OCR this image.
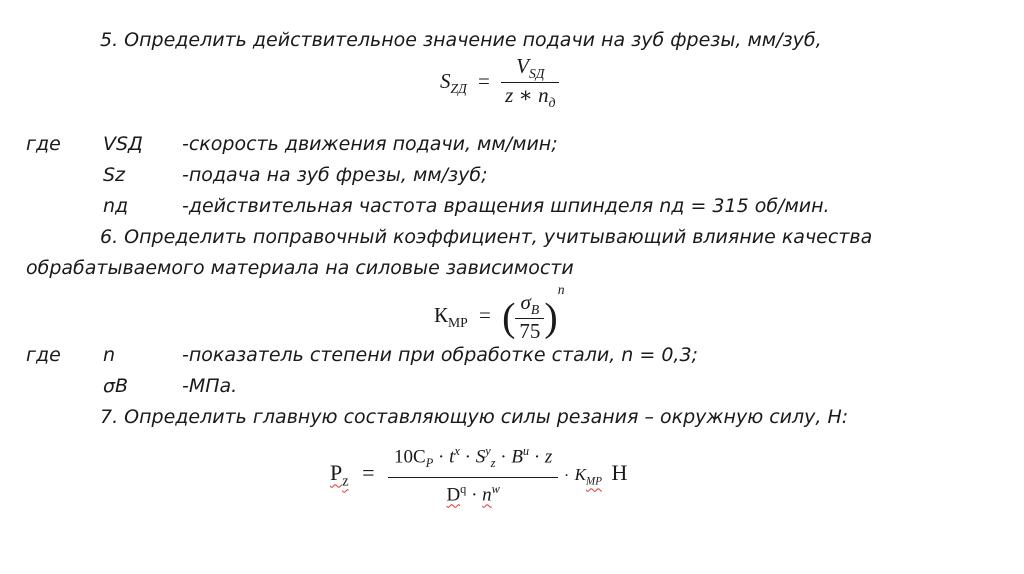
5. Определить действительное значение подачи на зуб фрезы, мм/зуб,
$S_{ZД} = \frac{V_{SД}}{z ∗ n_д}$
где VSД -скорость движения подачи, мм/мин;
Sz	-подача на зуб фрезы, мм/зуб;
nд	-действительная частота вращения шпинделя nд = 315 об/мин.
6. Определить поправочный коэффициент, учитывающий влияние качества
обрабатываемого материала на силовые зависимости
$К_{МР}$ = ( $\frac{\sigma_В}{75} )^n$
где n	-показатель степени при обработке стали, n = 0,3;
σВ	-МПа.
7. Определить главную составляющую силы резания – окружную силу, Н:
$P_z$ =
$10C_P \cdot t^x \cdot S^y_z \cdot B^u \cdot z$
$D^q \cdot n^w$
· $K_{MP}$ H
